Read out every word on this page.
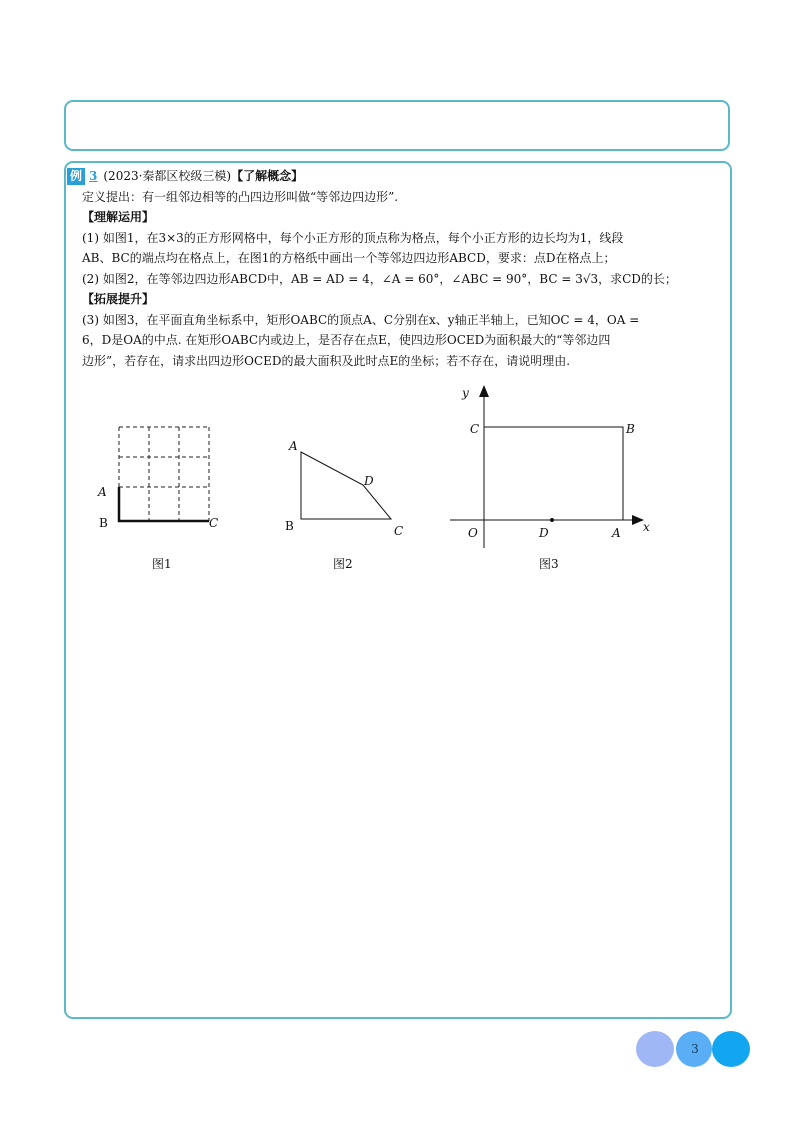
例 3 (2023·秦都区校级三模)【了解概念】
定义提出：有一组邻边相等的凸四边形叫做“等邻边四边形”.
【理解运用】
(1) 如图1，在3×3的正方形网格中，每个小正方形的顶点称为格点，每个小正方形的边长均为1，线段
AB、BC的端点均在格点上，在图1的方格纸中画出一个等邻边四边形ABCD，要求：点D在格点上；
(2) 如图2，在等邻边四边形ABCD中，AB = AD = 4，∠A = 60°，∠ABC = 90°，BC = 3√3，求CD的长；
【拓展提升】
(3) 如图3，在平面直角坐标系中，矩形OABC的顶点A、C分别在x、y轴正半轴上，已知OC = 4，OA =
6，D是OA的中点. 在矩形OABC内或边上，是否存在点E，使四边形OCED为面积最大的“等邻边四
边形”，若存在，请求出四边形OCED的最大面积及此时点E的坐标；若不存在，请说明理由.
A
B	C
图1
A
D
B	C
图2
y
C	B
O	D	A x
图3
3
